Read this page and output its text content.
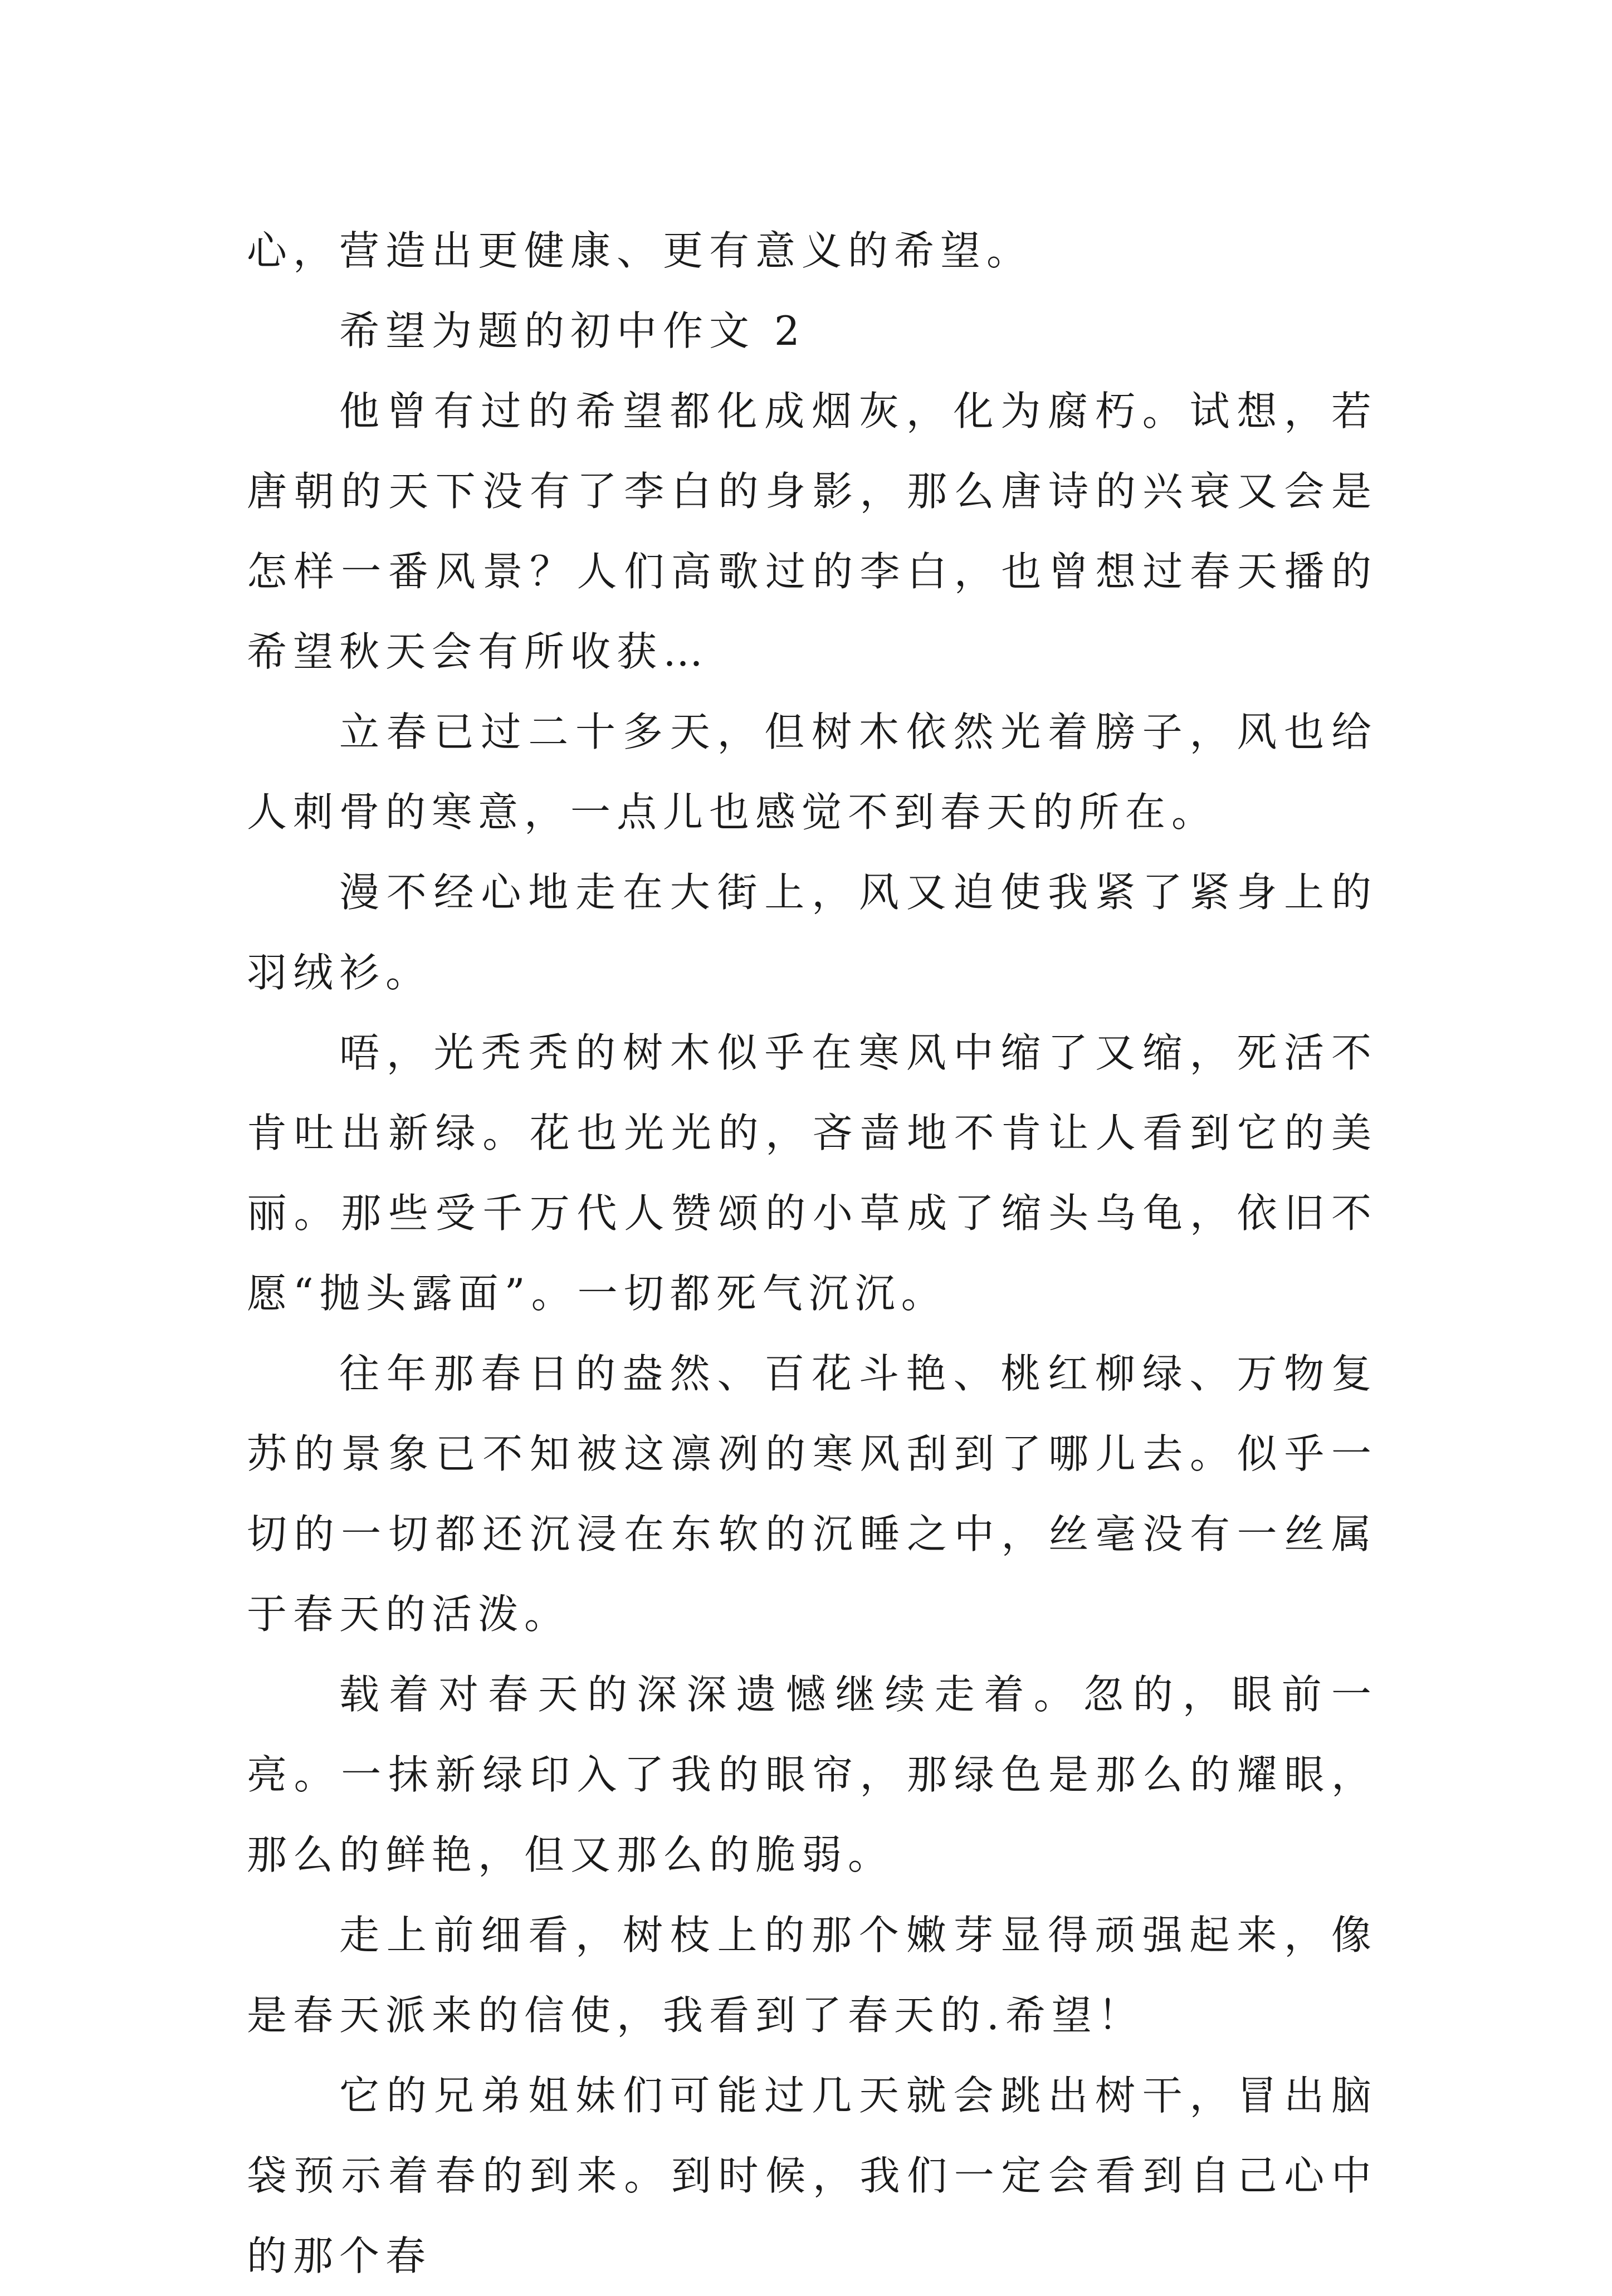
心，营造出更健康、更有意义的希望。

希望为题的初中作文 2

他曾有过的希望都化成烟灰，化为腐朽。试想，若唐朝的天下没有了李白的身影，那么唐诗的兴衰又会是怎样一番风景？人们高歌过的李白，也曾想过春天播的希望秋天会有所收获…

立春已过二十多天，但树木依然光着膀子，风也给人刺骨的寒意，一点儿也感觉不到春天的所在。

漫不经心地走在大街上，风又迫使我紧了紧身上的羽绒衫。

唔，光秃秃的树木似乎在寒风中缩了又缩，死活不肯吐出新绿。花也光光的，吝啬地不肯让人看到它的美丽。那些受千万代人赞颂的小草成了缩头乌龟，依旧不愿“抛头露面”。一切都死气沉沉。

往年那春日的盎然、百花斗艳、桃红柳绿、万物复苏的景象已不知被这凛冽的寒风刮到了哪儿去。似乎一切的一切都还沉浸在东软的沉睡之中，丝毫没有一丝属于春天的活泼。

载着对春天的深深遗憾继续走着。忽的，眼前一亮。一抹新绿印入了我的眼帘，那绿色是那么的耀眼，那么的鲜艳，但又那么的脆弱。

走上前细看，树枝上的那个嫩芽显得顽强起来，像是春天派来的信使，我看到了春天的.希望！

它的兄弟姐妹们可能过几天就会跳出树干，冒出脑袋预示着春的到来。到时候，我们一定会看到自己心中的那个春
